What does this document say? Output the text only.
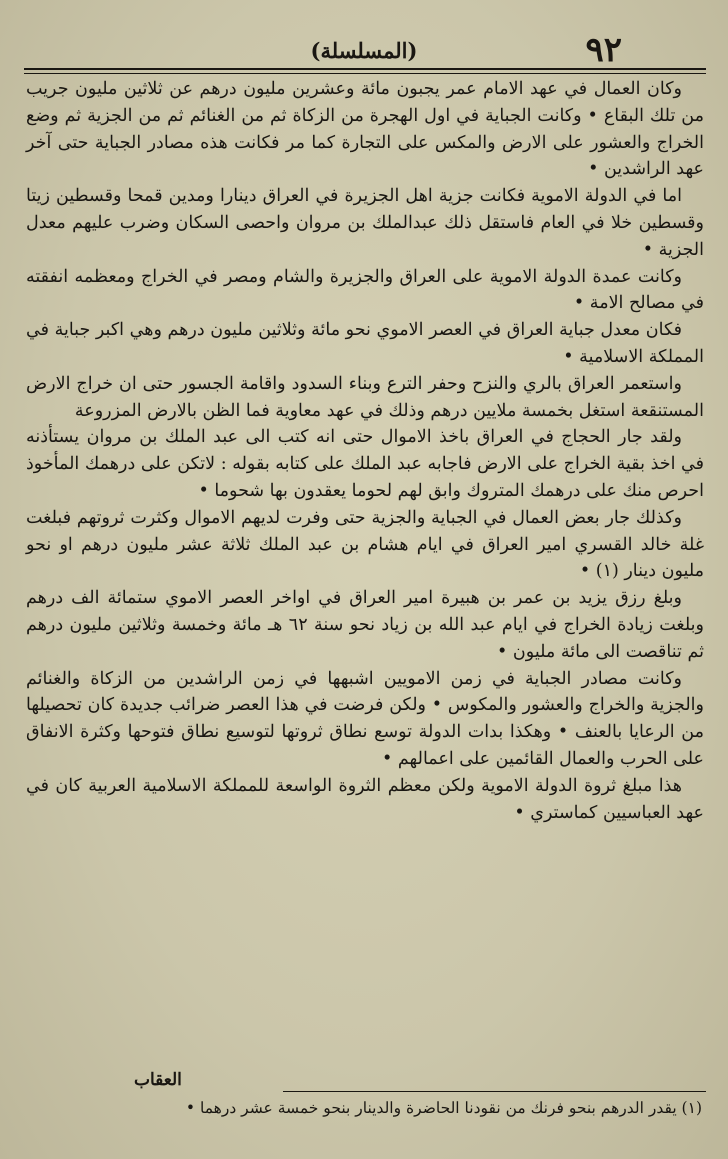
٩٢
(المسلسلة)

وكان العمال في عهد الامام عمر يجبون مائة وعشرين مليون درهم عن ثلاثين مليون جريب من تلك البقاع • وكانت الجباية في اول الهجرة من الزكاة ثم من الغنائم ثم من الجزية ثم وضع الخراج والعشور على الارض والمكس على التجارة كما مر فكانت هذه مصادر الجباية حتى آخر عهد الراشدين •

اما في الدولة الاموية فكانت جزية اهل الجزيرة في العراق دينارا ومدين قمحا وقسطين زيتا وقسطين خلا في العام فاستقل ذلك عبدالملك بن مروان واحصى السكان وضرب عليهم معدل الجزية •

وكانت عمدة الدولة الاموية على العراق والجزيرة والشام ومصر في الخراج ومعظمه انفقته في مصالح الامة •

فكان معدل جباية العراق في العصر الاموي نحو مائة وثلاثين مليون درهم وهي اكبر جباية في المملكة الاسلامية •

واستعمر العراق بالري والنزح وحفر الترع وبناء السدود واقامة الجسور حتى ان خراج الارض المستنقعة استغل بخمسة ملايين درهم وذلك في عهد معاوية فما الظن بالارض المزروعة

ولقد جار الحجاج في العراق باخذ الاموال حتى انه كتب الى عبد الملك بن مروان يستأذنه في اخذ بقية الخراج على الارض فاجابه عبد الملك على كتابه بقوله : لاتكن على درهمك المأخوذ احرص منك على درهمك المتروك وابق لهم لحوما يعقدون بها شحوما •

وكذلك جار بعض العمال في الجباية والجزية حتى وفرت لديهم الاموال وكثرت ثروتهم فبلغت غلة خالد القسري امير العراق في ايام هشام بن عبد الملك ثلاثة عشر مليون درهم او نحو مليون دينار (١) •

وبلغ رزق يزيد بن عمر بن هبيرة امير العراق في اواخر العصر الاموي ستمائة الف درهم وبلغت زيادة الخراج في ايام عبد الله بن زياد نحو سنة ٦٢ هـ مائة وخمسة وثلاثين مليون درهم ثم تناقصت الى مائة مليون •

وكانت مصادر الجباية في زمن الامويين اشبهها في زمن الراشدين من الزكاة والغنائم والجزية والخراج والعشور والمكوس • ولكن فرضت في هذا العصر ضرائب جديدة كان تحصيلها من الرعايا بالعنف • وهكذا بدات الدولة توسع نطاق ثروتها لتوسيع نطاق فتوحها وكثرة الانفاق على الحرب والعمال القائمين على اعمالهم •

هذا مبلغ ثروة الدولة الاموية ولكن معظم الثروة الواسعة للمملكة الاسلامية العربية كان في عهد العباسيين كماستري •

العقاب
(١) يقدر الدرهم بنحو فرنك من نقودنا الحاضرة والدينار بنحو خمسة عشر درهما •
